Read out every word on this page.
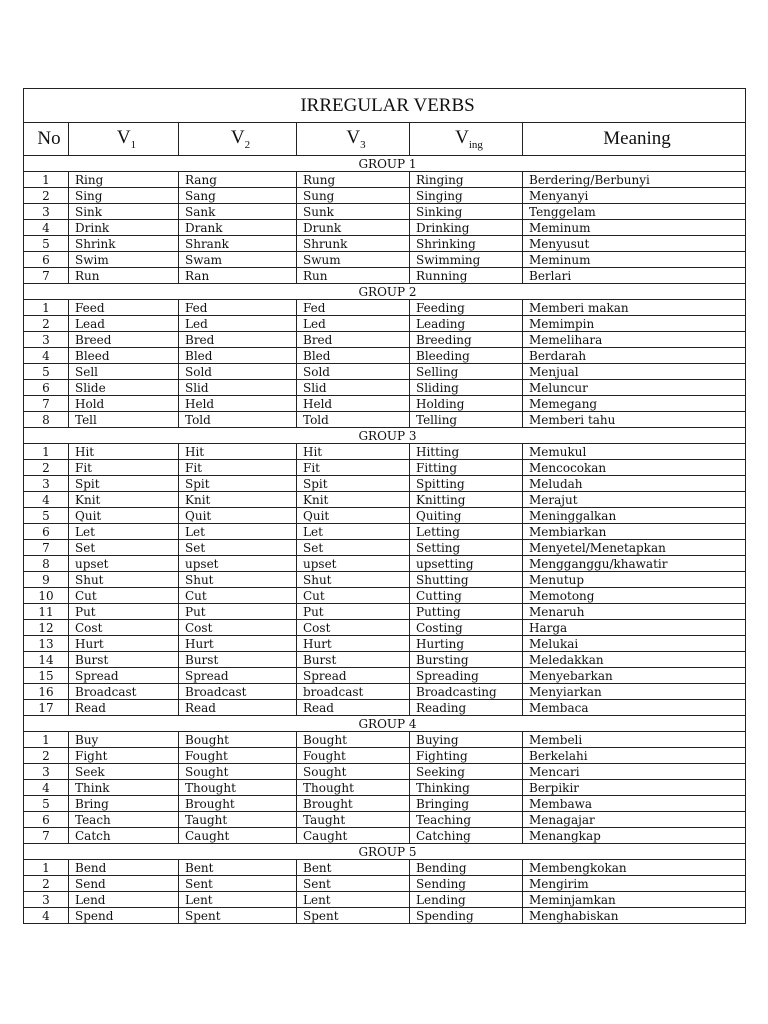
IRREGULAR VERBS					
No	$V_1$	$V_2$	$V_3$	$V_{ing}$	Meaning
GROUP 1					
1	Ring	Rang	Rung	Ringing	Berdering/Berbunyi
2	Sing	Sang	Sung	Singing	Menyanyi
3	Sink	Sank	Sunk	Sinking	Tenggelam
4	Drink	Drank	Drunk	Drinking	Meminum
5	Shrink	Shrank	Shrunk	Shrinking	Menyusut
6	Swim	Swam	Swum	Swimming	Meminum
7	Run	Ran	Run	Running	Berlari
GROUP 2					
1	Feed	Fed	Fed	Feeding	Memberi makan
2	Lead	Led	Led	Leading	Memimpin
3	Breed	Bred	Bred	Breeding	Memelihara
4	Bleed	Bled	Bled	Bleeding	Berdarah
5	Sell	Sold	Sold	Selling	Menjual
6	Slide	Slid	Slid	Sliding	Meluncur
7	Hold	Held	Held	Holding	Memegang
8	Tell	Told	Told	Telling	Memberi tahu
GROUP 3					
1	Hit	Hit	Hit	Hitting	Memukul
2	Fit	Fit	Fit	Fitting	Mencocokan
3	Spit	Spit	Spit	Spitting	Meludah
4	Knit	Knit	Knit	Knitting	Merajut
5	Quit	Quit	Quit	Quiting	Meninggalkan
6	Let	Let	Let	Letting	Membiarkan
7	Set	Set	Set	Setting	Menyetel/Menetapkan
8	upset	upset	upset	upsetting	Mengganggu/khawatir
9	Shut	Shut	Shut	Shutting	Menutup
10	Cut	Cut	Cut	Cutting	Memotong
11	Put	Put	Put	Putting	Menaruh
12	Cost	Cost	Cost	Costing	Harga
13	Hurt	Hurt	Hurt	Hurting	Melukai
14	Burst	Burst	Burst	Bursting	Meledakkan
15	Spread	Spread	Spread	Spreading	Menyebarkan
16	Broadcast	Broadcast	broadcast	Broadcasting	Menyiarkan
17	Read	Read	Read	Reading	Membaca
GROUP 4					
1	Buy	Bought	Bought	Buying	Membeli
2	Fight	Fought	Fought	Fighting	Berkelahi
3	Seek	Sought	Sought	Seeking	Mencari
4	Think	Thought	Thought	Thinking	Berpikir
5	Bring	Brought	Brought	Bringing	Membawa
6	Teach	Taught	Taught	Teaching	Menagajar
7	Catch	Caught	Caught	Catching	Menangkap
GROUP 5					
1	Bend	Bent	Bent	Bending	Membengkokan
2	Send	Sent	Sent	Sending	Mengirim
3	Lend	Lent	Lent	Lending	Meminjamkan
4	Spend	Spent	Spent	Spending	Menghabiskan
